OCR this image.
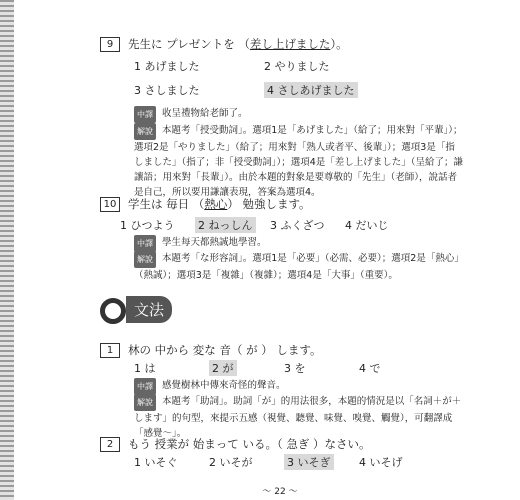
9	先生に プレゼントを （ 差し上げました ）。
1 あげました	2 やりました
3 さしました	4 さしあげました
中譯 收呈禮物給老師了。
解說 本題考「授受動詞」。選項1是「あげました」（給了；用來對「平輩」）；選項2是「やりました」（給了；用來對「熟人或者平、後輩」）；選項3是「指しました」（指了；非「授受動詞」）；選項4是「差し上げました」（呈給了；謙讓語；用來對「長輩」）。由於本題的對象是要尊敬的「先生」（老師），說話者是自己，所以要用謙讓表現，答案為選項4。
10	学生は 毎日 （ 熱心 ） 勉強します。
1 ひつよう	2 ねっしん	3 ふくざつ	4 だいじ
中譯 學生每天都熱誠地學習。
解說 本題考「な形容詞」。選項1是「必要」（必需、必要）；選項2是「熱心」（熱誠）；選項3是「複雜」（複雜）；選項4是「大事」（重要）。
文法
1	林の 中から 変な 音（ が ） します。
1 は	2 が	3 を	4 で
中譯 感覺樹林中傳來奇怪的聲音。
解說 本題考「助詞」。助詞「が」的用法很多，本題的情況是以「名詞＋が＋します」的句型，來提示五感（視覺、聽覺、味覺、嗅覺、觸覺），可翻譯成「感覺～」。
2	もう 授業が 始まって いる。（ 急ぎ ）なさい。
1 いそぐ	2 いそが	3 いそぎ	4 いそげ
～ 22 ～
